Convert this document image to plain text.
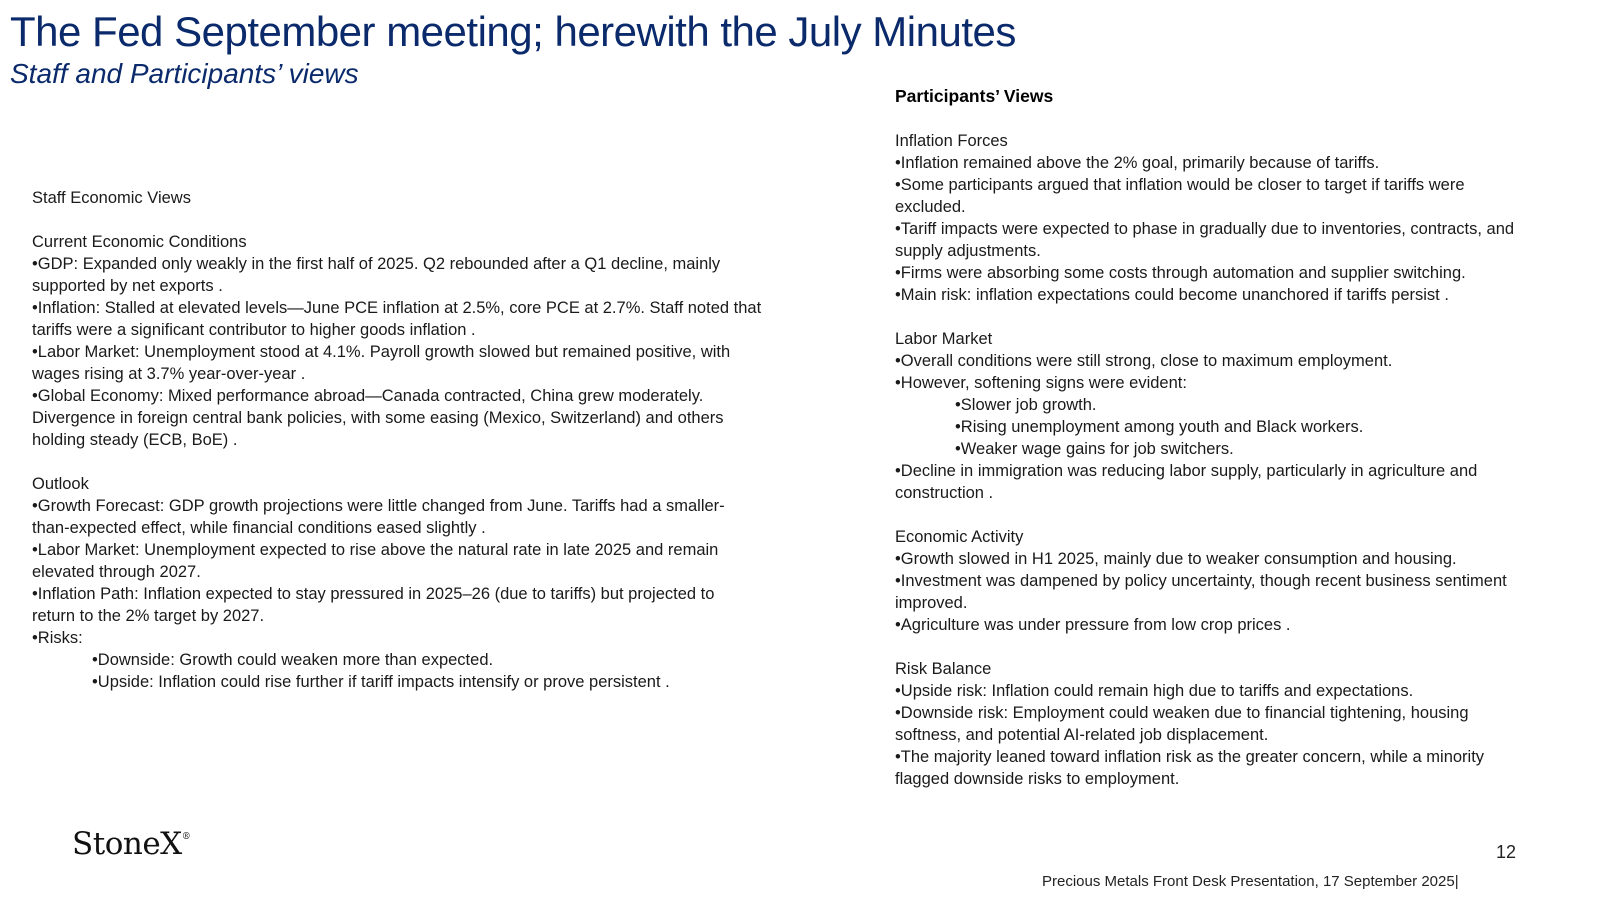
The Fed September meeting; herewith the July Minutes
Staff and Participants’ views

Staff Economic Views

Current Economic Conditions

•GDP: Expanded only weakly in the first half of 2025. Q2 rebounded after a Q1 decline, mainly

supported by net exports .

•Inflation: Stalled at elevated levels—June PCE inflation at 2.5%, core PCE at 2.7%. Staff noted that

tariffs were a significant contributor to higher goods inflation .

•Labor Market: Unemployment stood at 4.1%. Payroll growth slowed but remained positive, with

wages rising at 3.7% year-over-year .

•Global Economy: Mixed performance abroad—Canada contracted, China grew moderately.

Divergence in foreign central bank policies, with some easing (Mexico, Switzerland) and others

holding steady (ECB, BoE) .

Outlook

•Growth Forecast: GDP growth projections were little changed from June. Tariffs had a smaller-

than-expected effect, while financial conditions eased slightly .

•Labor Market: Unemployment expected to rise above the natural rate in late 2025 and remain

elevated through 2027.

•Inflation Path: Inflation expected to stay pressured in 2025–26 (due to tariffs) but projected to

return to the 2% target by 2027.

•Risks:

•Downside: Growth could weaken more than expected.

•Upside: Inflation could rise further if tariff impacts intensify or prove persistent .

Participants’ Views

Inflation Forces

•Inflation remained above the 2% goal, primarily because of tariffs.

•Some participants argued that inflation would be closer to target if tariffs were

excluded.

•Tariff impacts were expected to phase in gradually due to inventories, contracts, and

supply adjustments.

•Firms were absorbing some costs through automation and supplier switching.

•Main risk: inflation expectations could become unanchored if tariffs persist .

Labor Market

•Overall conditions were still strong, close to maximum employment.

•However, softening signs were evident:

•Slower job growth.

•Rising unemployment among youth and Black workers.

•Weaker wage gains for job switchers.

•Decline in immigration was reducing labor supply, particularly in agriculture and

construction .

Economic Activity

•Growth slowed in H1 2025, mainly due to weaker consumption and housing.

•Investment was dampened by policy uncertainty, though recent business sentiment

improved.

•Agriculture was under pressure from low crop prices .

Risk Balance

•Upside risk: Inflation could remain high due to tariffs and expectations.

•Downside risk: Employment could weaken due to financial tightening, housing

softness, and potential AI-related job displacement.

•The majority leaned toward inflation risk as the greater concern, while a minority

flagged downside risks to employment.

StoneX®
12
Precious Metals Front Desk Presentation, 17 September 2025|
